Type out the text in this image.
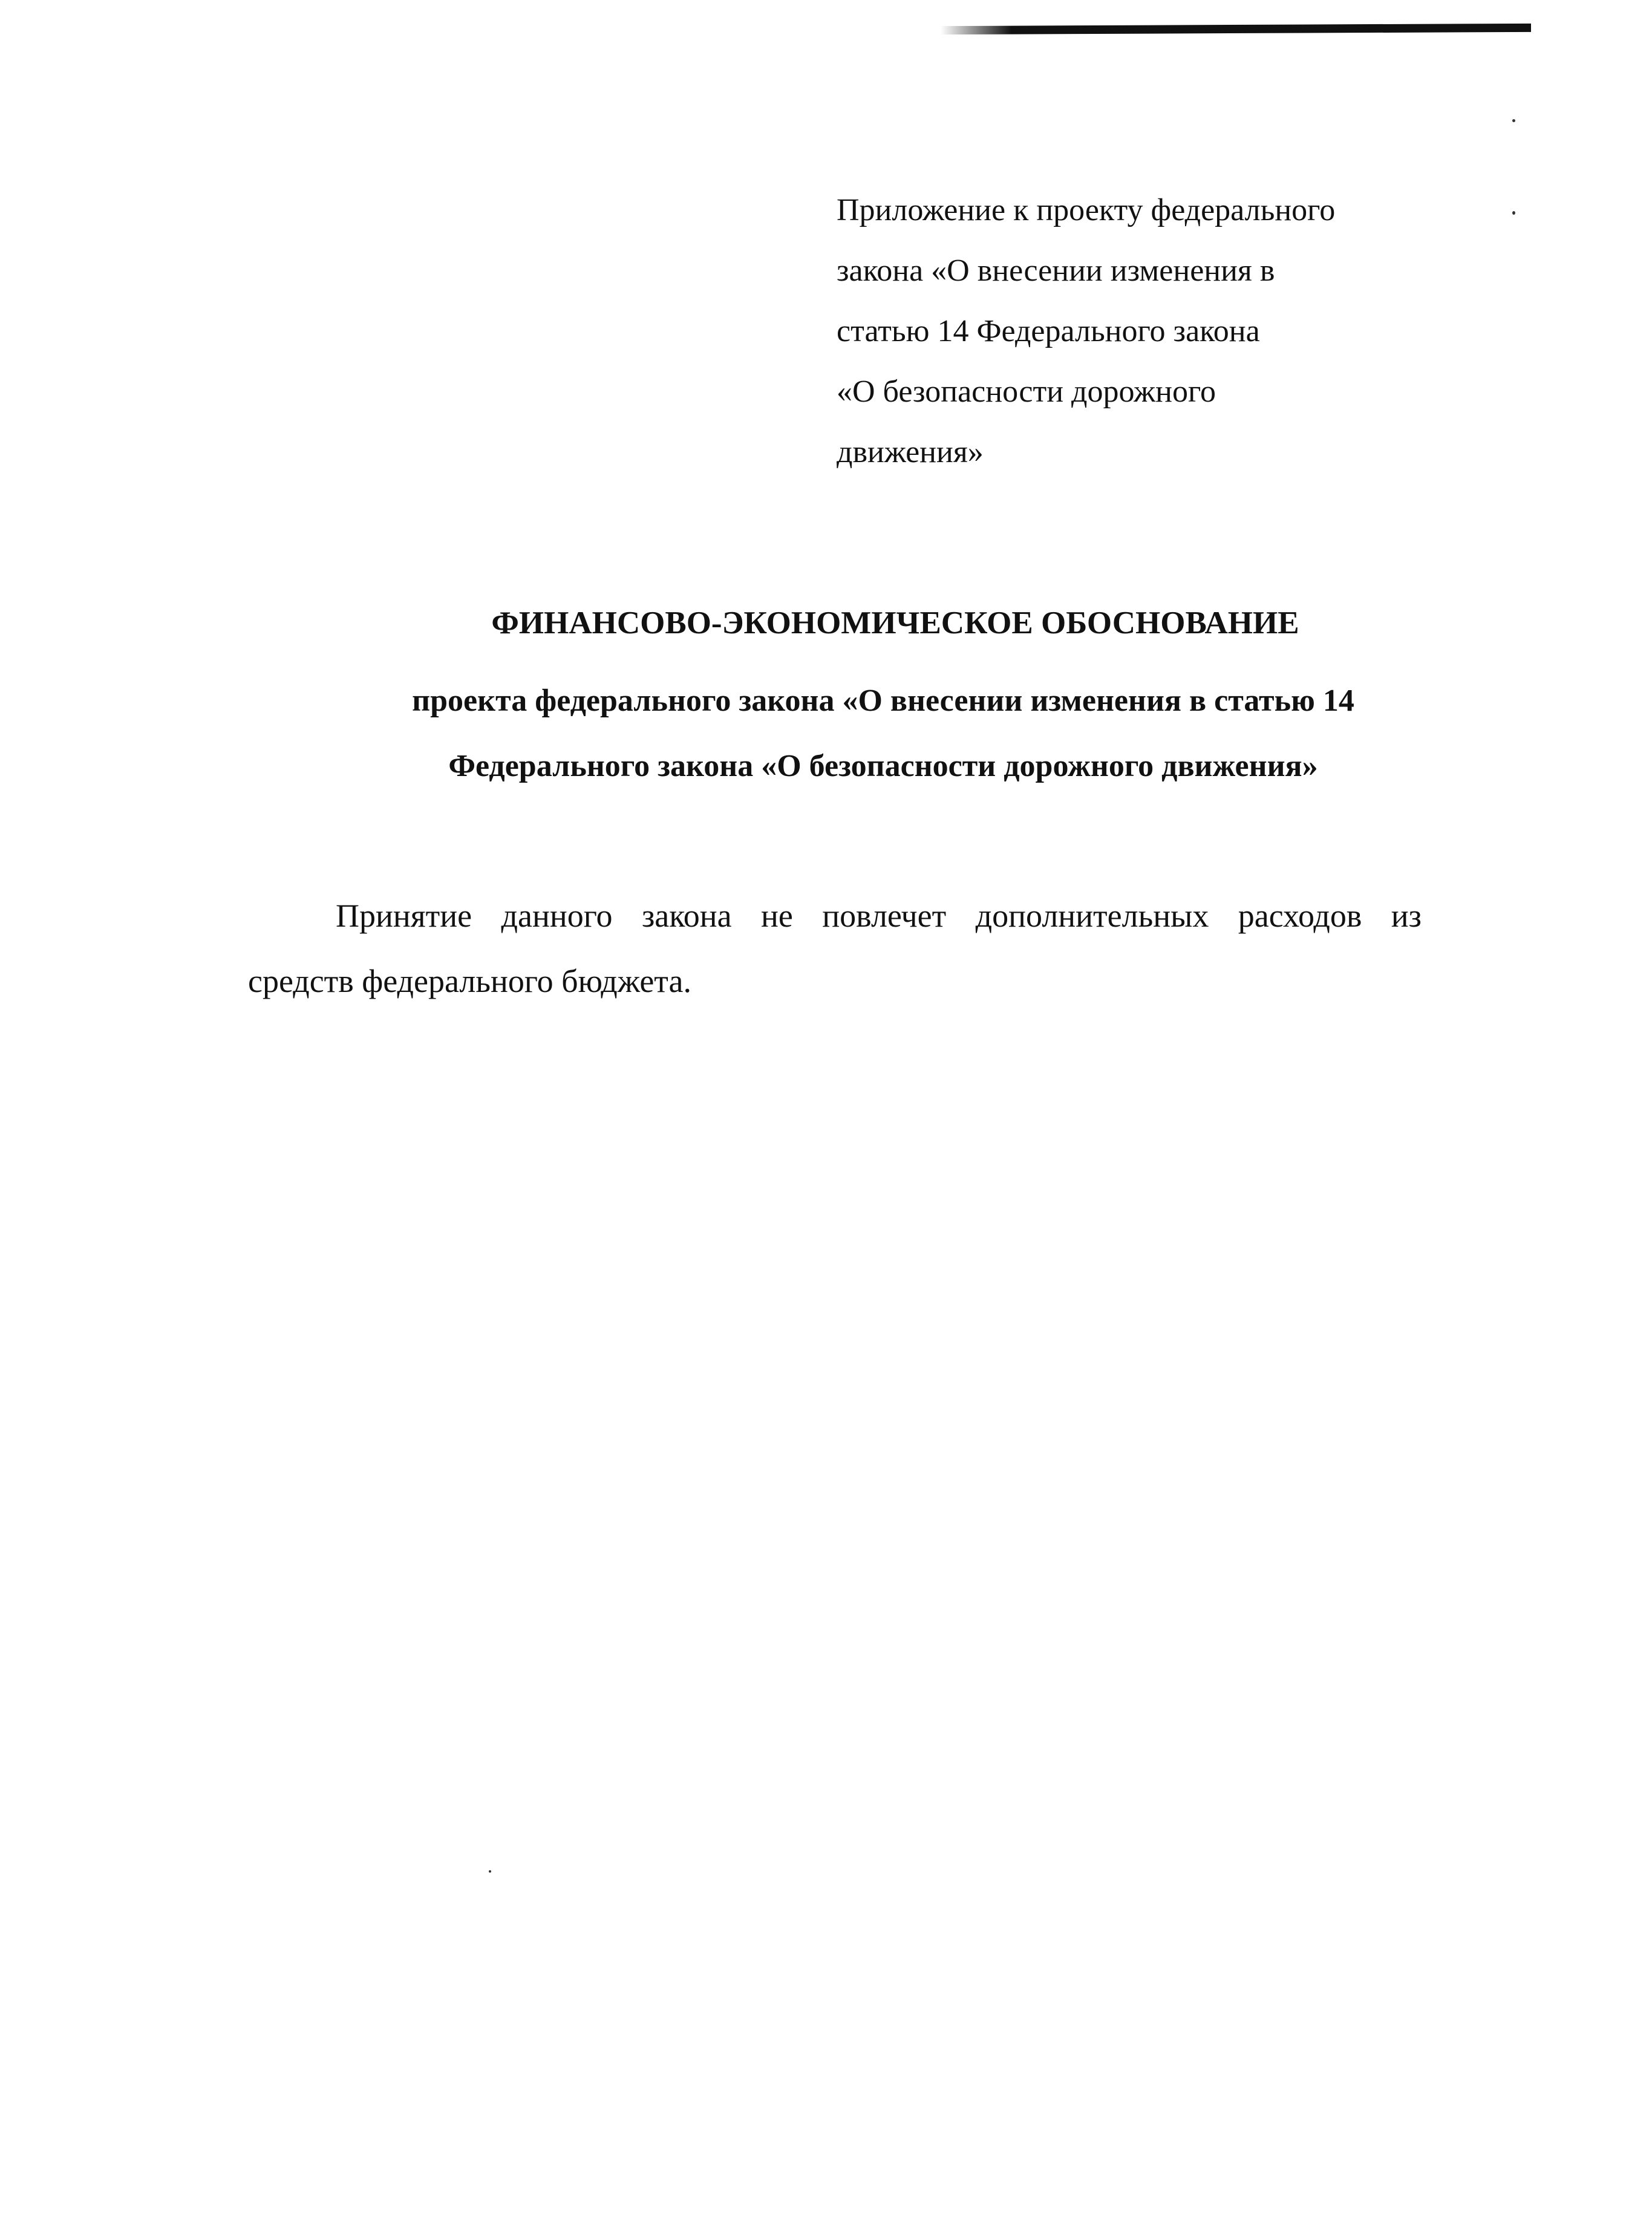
Приложение к проекту федерального
закона «О внесении изменения в
статью 14 Федерального закона
«О безопасности дорожного
движения»
ФИНАНСОВО-ЭКОНОМИЧЕСКОЕ ОБОСНОВАНИЕ
проекта федерального закона «О внесении изменения в статью 14
Федерального закона «О безопасности дорожного движения»
Принятие данного закона не повлечет дополнительных расходов из
средств федерального бюджета.
